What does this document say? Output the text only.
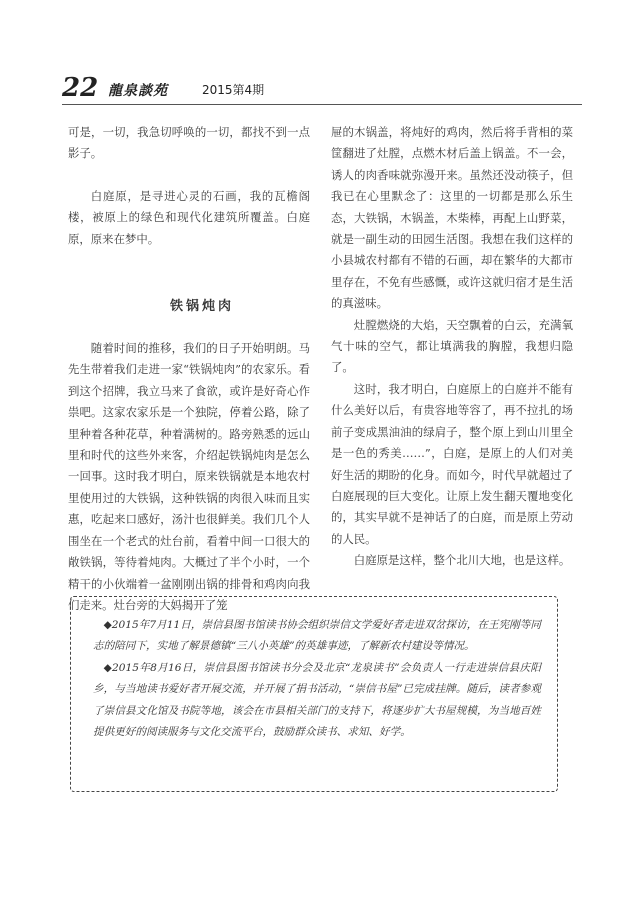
22 龍泉談苑	2015第4期

可是，一切，我急切呼唤的一切，都找不到一点影子。

白庭原，是寻进心灵的石画，我的瓦檐阁楼，被原上的绿色和现代化建筑所覆盖。白庭原，原来在梦中。

铁锅炖肉

随着时间的推移，我们的日子开始明朗。马先生带着我们走进一家“铁锅炖肉”的农家乐。看到这个招牌，我立马来了食欲，或许是好奇心作祟吧。这家农家乐是一个独院，停着公路，除了里种着各种花草，种着满树的。路旁熟悉的远山里和时代的这些外来客，介绍起铁锅炖肉是怎么一回事。这时我才明白，原来铁锅就是本地农村里使用过的大铁锅，这种铁锅的肉很入味而且实惠，吃起来口感好，汤汁也很鲜美。我们几个人围坐在一个老式的灶台前，看着中间一口很大的敞铁锅，等待着炖肉。大概过了半个小时，一个精干的小伙端着一盆刚刚出锅的排骨和鸡肉向我们走来。灶台旁的大妈揭开了笼

屉的木锅盖，将炖好的鸡肉，然后将手背相的菜筐翻进了灶膛，点燃木材后盖上锅盖。不一会，诱人的肉香味就弥漫开来。虽然还没动筷子，但我已在心里默念了：这里的一切都是那么乐生态，大铁锅，木锅盖，木柴棒，再配上山野菜，就是一副生动的田园生活图。我想在我们这样的小县城农村都有不错的石画，却在繁华的大都市里存在，不免有些感慨，或许这就归宿才是生活的真滋味。

灶膛燃烧的大焰，天空飘着的白云，充满氧气十味的空气，都让填满我的胸膛，我想归隐了。

这时，我才明白，白庭原上的白庭并不能有什么美好以后，有贵容地等容了，再不拉扎的场前子变成黑油油的绿肩子，整个原上到山川里全是一色的秀美……”，白庭，是原上的人们对美好生活的期盼的化身。而如今，时代早就超过了白庭展现的巨大变化。让原上发生翻天覆地变化的，其实早就不是神话了的白庭，而是原上劳动的人民。

白庭原是这样，整个北川大地，也是这样。

◆2015年7月11日，崇信县图书馆读书协会组织崇信文学爱好者走进双岔探访，在王宪刚等同志的陪同下，实地了解景德镇“三八小英雄”的英雄事迹，了解新农村建设等情况。

◆2015年8月16日，崇信县图书馆读书分会及北京“龙泉读书”会负责人一行走进崇信县庆阳乡，与当地读书爱好者开展交流，并开展了捐书活动，“崇信书屋”已完成挂牌。随后，读者参观了崇信县文化馆及书院等地，该会在市县相关部门的支持下，将逐步扩大书屋规模，为当地百姓提供更好的阅读服务与文化交流平台，鼓励群众读书、求知、好学。
